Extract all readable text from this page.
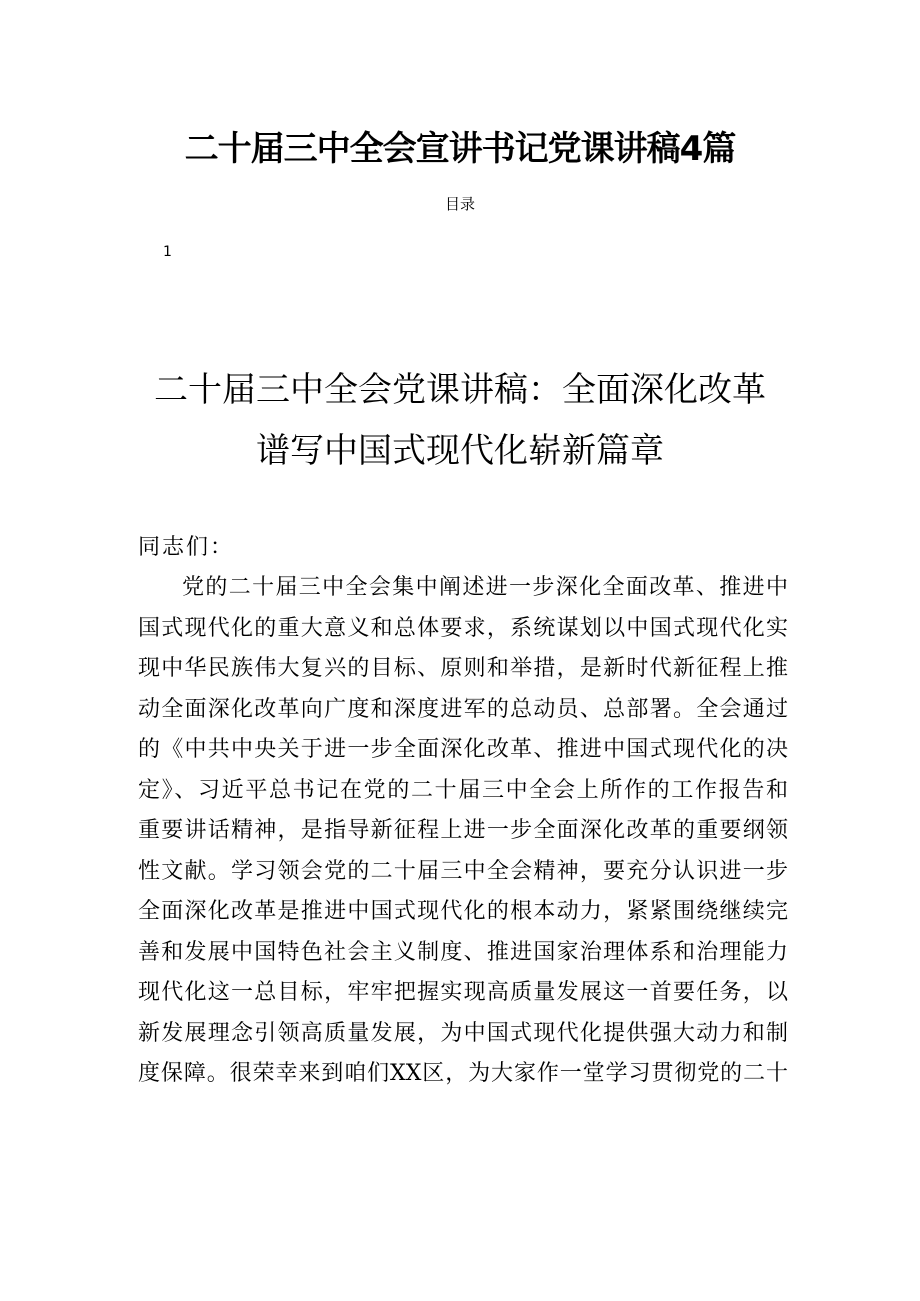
二十届三中全会宣讲书记党课讲稿4篇
目录
1
二十届三中全会党课讲稿：全面深化改革
谱写中国式现代化崭新篇章
同志们：
党的二十届三中全会集中阐述进一步深化全面改革、推进中
国式现代化的重大意义和总体要求，系统谋划以中国式现代化实
现中华民族伟大复兴的目标、原则和举措，是新时代新征程上推
动全面深化改革向广度和深度进军的总动员、总部署。全会通过
的《中共中央关于进一步全面深化改革、推进中国式现代化的决
定》、习近平总书记在党的二十届三中全会上所作的工作报告和
重要讲话精神，是指导新征程上进一步全面深化改革的重要纲领
性文献。学习领会党的二十届三中全会精神，要充分认识进一步
全面深化改革是推进中国式现代化的根本动力，紧紧围绕继续完
善和发展中国特色社会主义制度、推进国家治理体系和治理能力
现代化这一总目标，牢牢把握实现高质量发展这一首要任务，以
新发展理念引领高质量发展，为中国式现代化提供强大动力和制
度保障。很荣幸来到咱们XX区，为大家作一堂学习贯彻党的二十
